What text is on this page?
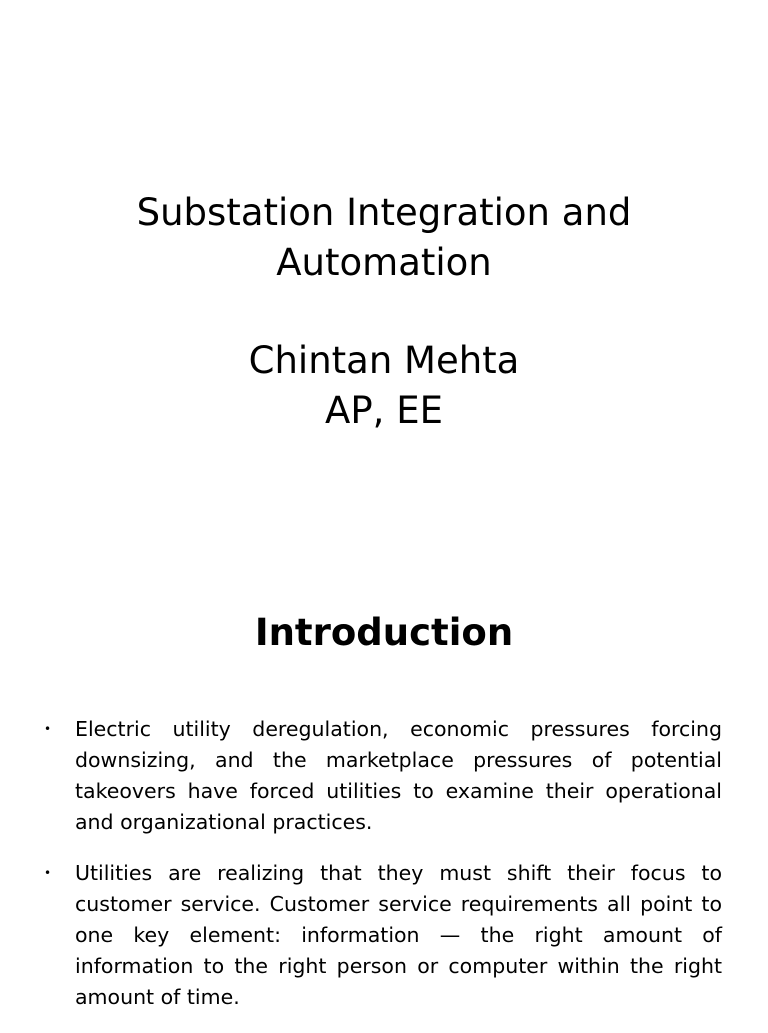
Substation Integration and
Automation
Chintan Mehta
AP, EE
Introduction
• Electric utility deregulation, economic pressures forcing downsizing, and the marketplace pressures of potential takeovers have forced utilities to examine their operational and organizational practices.
• Utilities are realizing that they must shift their focus to customer service. Customer service requirements all point to one key element: information — the right amount of information to the right person or computer within the right amount of time.
